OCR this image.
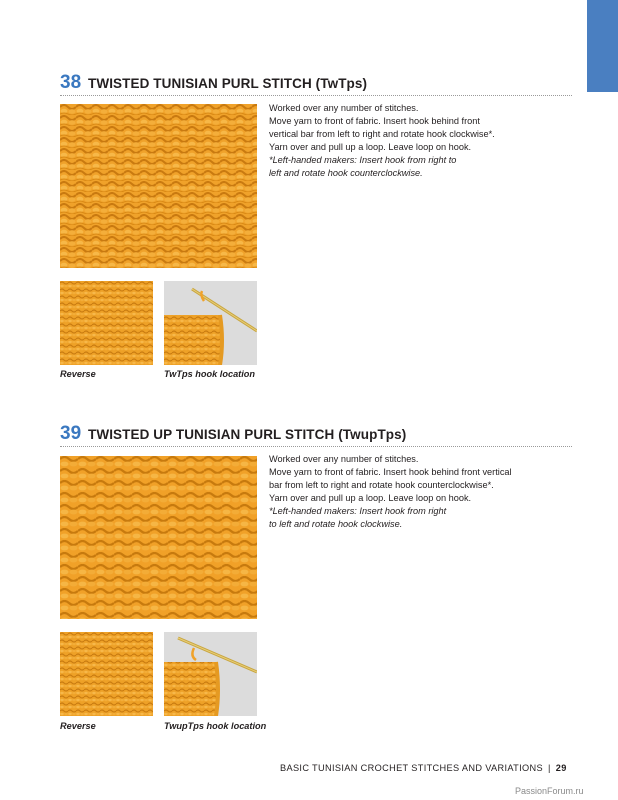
38 TWISTED TUNISIAN PURL STITCH (TwTps)

Worked over any number of stitches.

Move yarn to front of fabric. Insert hook behind front

vertical bar from left to right and rotate hook clockwise*.

Yarn over and pull up a loop. Leave loop on hook.

*Left-handed makers: Insert hook from right to

left and rotate hook counterclockwise.

Reverse	TwTps hook location
39 TWISTED UP TUNISIAN PURL STITCH (TwupTps)

Worked over any number of stitches.

Move yarn to front of fabric. Insert hook behind front vertical

bar from left to right and rotate hook counterclockwise*.

Yarn over and pull up a loop. Leave loop on hook.

*Left-handed makers: Insert hook from right

to left and rotate hook clockwise.

Reverse	TwupTps hook location
BASIC TUNISIAN CROCHET STITCHES AND VARIATIONS | 29
PassionForum.ru
